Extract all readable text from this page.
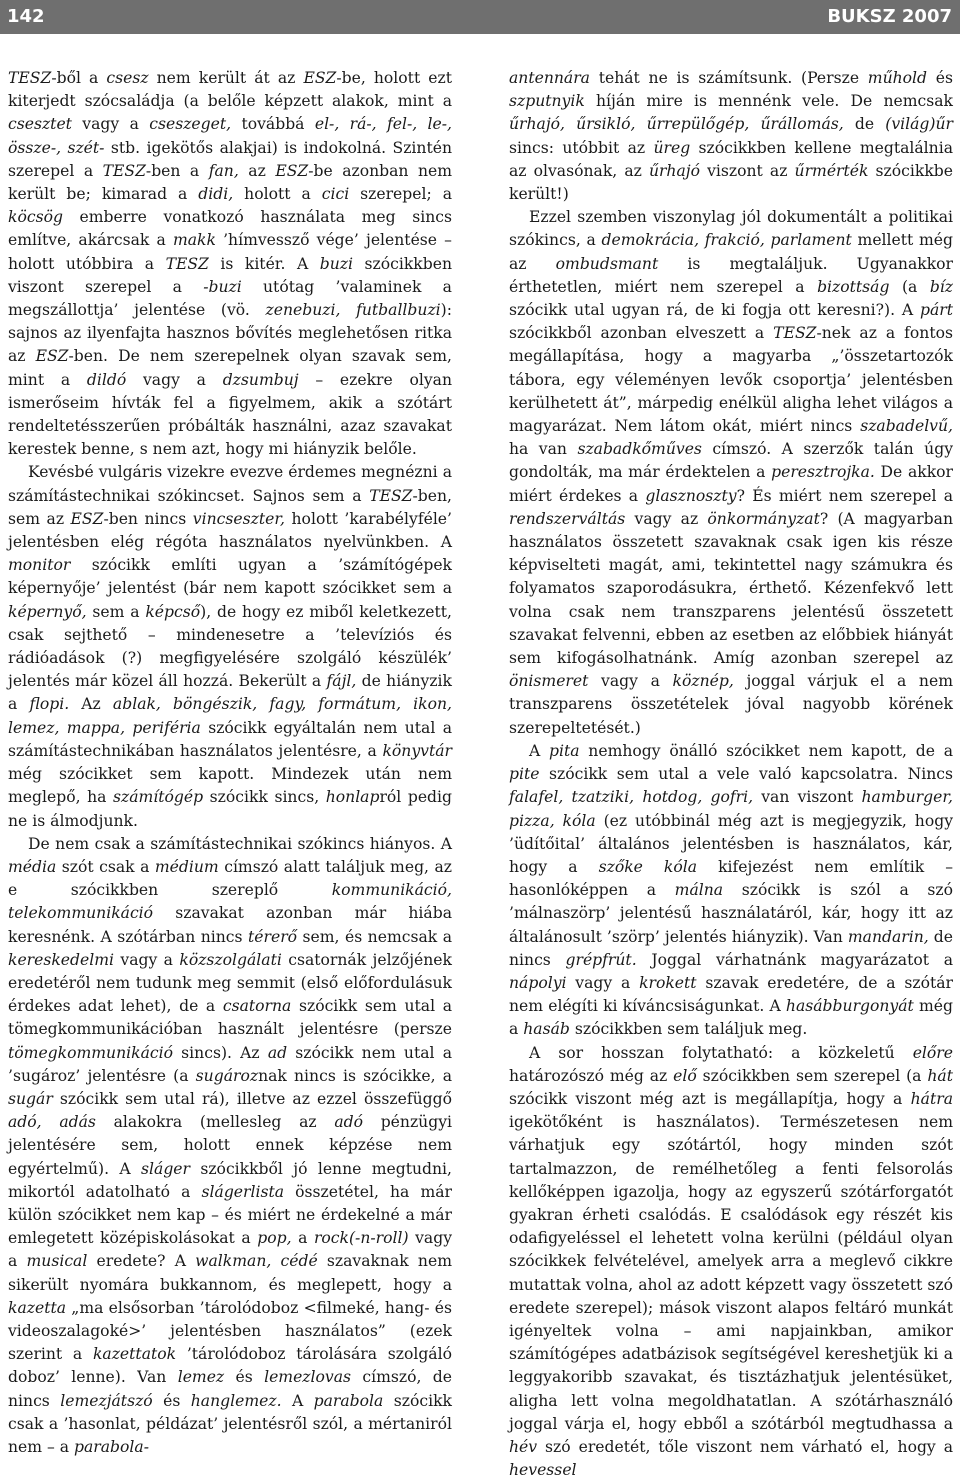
142	BUKSZ 2007

TESZ-ből a csesz nem került át az ESZ-be, holott ezt kiterjedt szócsaládja (a belőle képzett alakok, mint a csesztet vagy a cseszeget, továbbá el-, rá-, fel-, le-, össze-, szét- stb. igekötős alakjai) is indokolná. Szintén szerepel a TESZ-ben a fan, az ESZ-be azonban nem került be; kimarad a didi, holott a cici szerepel; a köcsög emberre vonatkozó használata meg sincs említve, akárcsak a makk ’hímvessző vége’ jelentése – holott utóbbira a TESZ is kitér. A buzi szócikkben viszont szerepel a -buzi utótag ’valaminek a megszállottja’ jelentése (vö. zenebuzi, futballbuzi): sajnos az ilyenfajta hasznos bővítés meglehetősen ritka az ESZ-ben. De nem szerepelnek olyan szavak sem, mint a dildó vagy a dzsumbuj – ezekre olyan ismerőseim hívták fel a figyelmem, akik a szótárt rendeltetésszerűen próbálták használni, azaz szavakat kerestek benne, s nem azt, hogy mi hiányzik belőle.

Kevésbé vulgáris vizekre evezve érdemes megnézni a számítástechnikai szókincset. Sajnos sem a TESZ-ben, sem az ESZ-ben nincs vincseszter, holott ’karabélyféle’ jelentésben elég régóta használatos nyelvünkben. A monitor szócikk említi ugyan a ’számítógépek képernyője’ jelentést (bár nem kapott szócikket sem a képernyő, sem a képcső), de hogy ez miből keletkezett, csak sejthető – mindenesetre a ’televíziós és rádióadások (?) megfigyelésére szolgáló készülék’ jelentés már közel áll hozzá. Bekerült a fájl, de hiányzik a flopi. Az ablak, böngészik, fagy, formátum, ikon, lemez, mappa, periféria szócikk egyáltalán nem utal a számítástechnikában használatos jelentésre, a könyvtár még szócikket sem kapott. Mindezek után nem meglepő, ha számítógép szócikk sincs, honlapról pedig ne is álmodjunk.

De nem csak a számítástechnikai szókincs hiányos. A média szót csak a médium címszó alatt találjuk meg, az e szócikkben szereplő kommunikáció, telekommunikáció szavakat azonban már hiába keresnénk. A szótárban nincs térerő sem, és nemcsak a kereskedelmi vagy a közszolgálati csatornák jelzőjének eredetéről nem tudunk meg semmit (első előfordulásuk érdekes adat lehet), de a csatorna szócikk sem utal a tömegkommunikációban használt jelentésre (persze tömegkommunikáció sincs). Az ad szócikk nem utal a ’sugároz’ jelentésre (a sugároznak nincs is szócikke, a sugár szócikk sem utal rá), illetve az ezzel összefüggő adó, adás alakokra (mellesleg az adó pénzügyi jelentésére sem, holott ennek képzése nem egyértelmű). A sláger szócikkből jó lenne megtudni, mikortól adatolható a slágerlista összetétel, ha már külön szócikket nem kap – és miért ne érdekelné a már emlegetett középiskolásokat a pop, a rock(-n-roll) vagy a musical eredete? A walkman, cédé szavaknak nem sikerült nyomára bukkannom, és meglepett, hogy a kazetta „ma elsősorban ’tárolódoboz <filmeké, hang- és videoszalagoké>’ jelentésben használatos” (ezek szerint a kazettatok ’tárolódoboz tárolására szolgáló doboz’ lenne). Van lemez és lemezlovas címszó, de nincs lemezjátszó és hanglemez. A parabola szócikk csak a ’hasonlat, példázat’ jelentésről szól, a mértaniról nem – a parabola-

antennára tehát ne is számítsunk. (Persze műhold és szputnyik híján mire is mennénk vele. De nemcsak űrhajó, űrsikló, űrrepülőgép, űrállomás, de (világ)űr sincs: utóbbit az üreg szócikkben kellene megtalálnia az olvasónak, az űrhajó viszont az űrmérték szócikkbe került!)

Ezzel szemben viszonylag jól dokumentált a politikai szókincs, a demokrácia, frakció, parlament mellett még az ombudsmant is megtaláljuk. Ugyanakkor érthetetlen, miért nem szerepel a bizottság (a bíz szócikk utal ugyan rá, de ki fogja ott keresni?). A párt szócikkből azonban elveszett a TESZ-nek az a fontos megállapítása, hogy a magyarba „’összetartozók tábora, egy véleményen levők csoportja’ jelentésben kerülhetett át”, márpedig enélkül aligha lehet világos a magyarázat. Nem látom okát, miért nincs szabadelvű, ha van szabadkőműves címszó. A szerzők talán úgy gondolták, ma már érdektelen a peresztrojka. De akkor miért érdekes a glasznoszty? És miért nem szerepel a rendszerváltás vagy az önkormányzat? (A magyarban használatos összetett szavaknak csak igen kis része képviselteti magát, ami, tekintettel nagy számukra és folyamatos szaporodásukra, érthető. Kézenfekvő lett volna csak nem transzparens jelentésű összetett szavakat felvenni, ebben az esetben az előbbiek hiányát sem kifogásolhatnánk. Amíg azonban szerepel az önismeret vagy a köznép, joggal várjuk el a nem transzparens összetételek jóval nagyobb körének szerepeltetését.)

A pita nemhogy önálló szócikket nem kapott, de a pite szócikk sem utal a vele való kapcsolatra. Nincs falafel, tzatziki, hotdog, gofri, van viszont hamburger, pizza, kóla (ez utóbbinál még azt is megjegyzik, hogy ’üdítőital’ általános jelentésben is használatos, kár, hogy a szőke kóla kifejezést nem említik – hasonlóképpen a málna szócikk is szól a szó ’málnaszörp’ jelentésű használatáról, kár, hogy itt az általánosult ’szörp’ jelentés hiányzik). Van mandarin, de nincs grépfrút. Joggal várhatnánk magyarázatot a nápolyi vagy a krokett szavak eredetére, de a szótár nem elégíti ki kíváncsiságunkat. A hasábburgonyát még a hasáb szócikkben sem találjuk meg.

A sor hosszan folytatható: a közkeletű előre határozószó még az elő szócikkben sem szerepel (a hát szócikk viszont még azt is megállapítja, hogy a hátra igekötőként is használatos). Természetesen nem várhatjuk egy szótártól, hogy minden szót tartalmazzon, de remélhetőleg a fenti felsorolás kellőképpen igazolja, hogy az egyszerű szótárforgatót gyakran érheti csalódás. E csalódások egy részét kis odafigyeléssel el lehetett volna kerülni (például olyan szócikkek felvételével, amelyek arra a meglevő cikkre mutattak volna, ahol az adott képzett vagy összetett szó eredete szerepel); mások viszont alapos feltáró munkát igényeltek volna – ami napjainkban, amikor számítógépes adatbázisok segítségével kereshetjük ki a leggyakoribb szavakat, és tisztázhatjuk jelentésüket, aligha lett volna megoldhatatlan. A szótárhasználó joggal várja el, hogy ebből a szótárból megtudhassa a hév szó eredetét, tőle viszont nem várható el, hogy a hevessel
